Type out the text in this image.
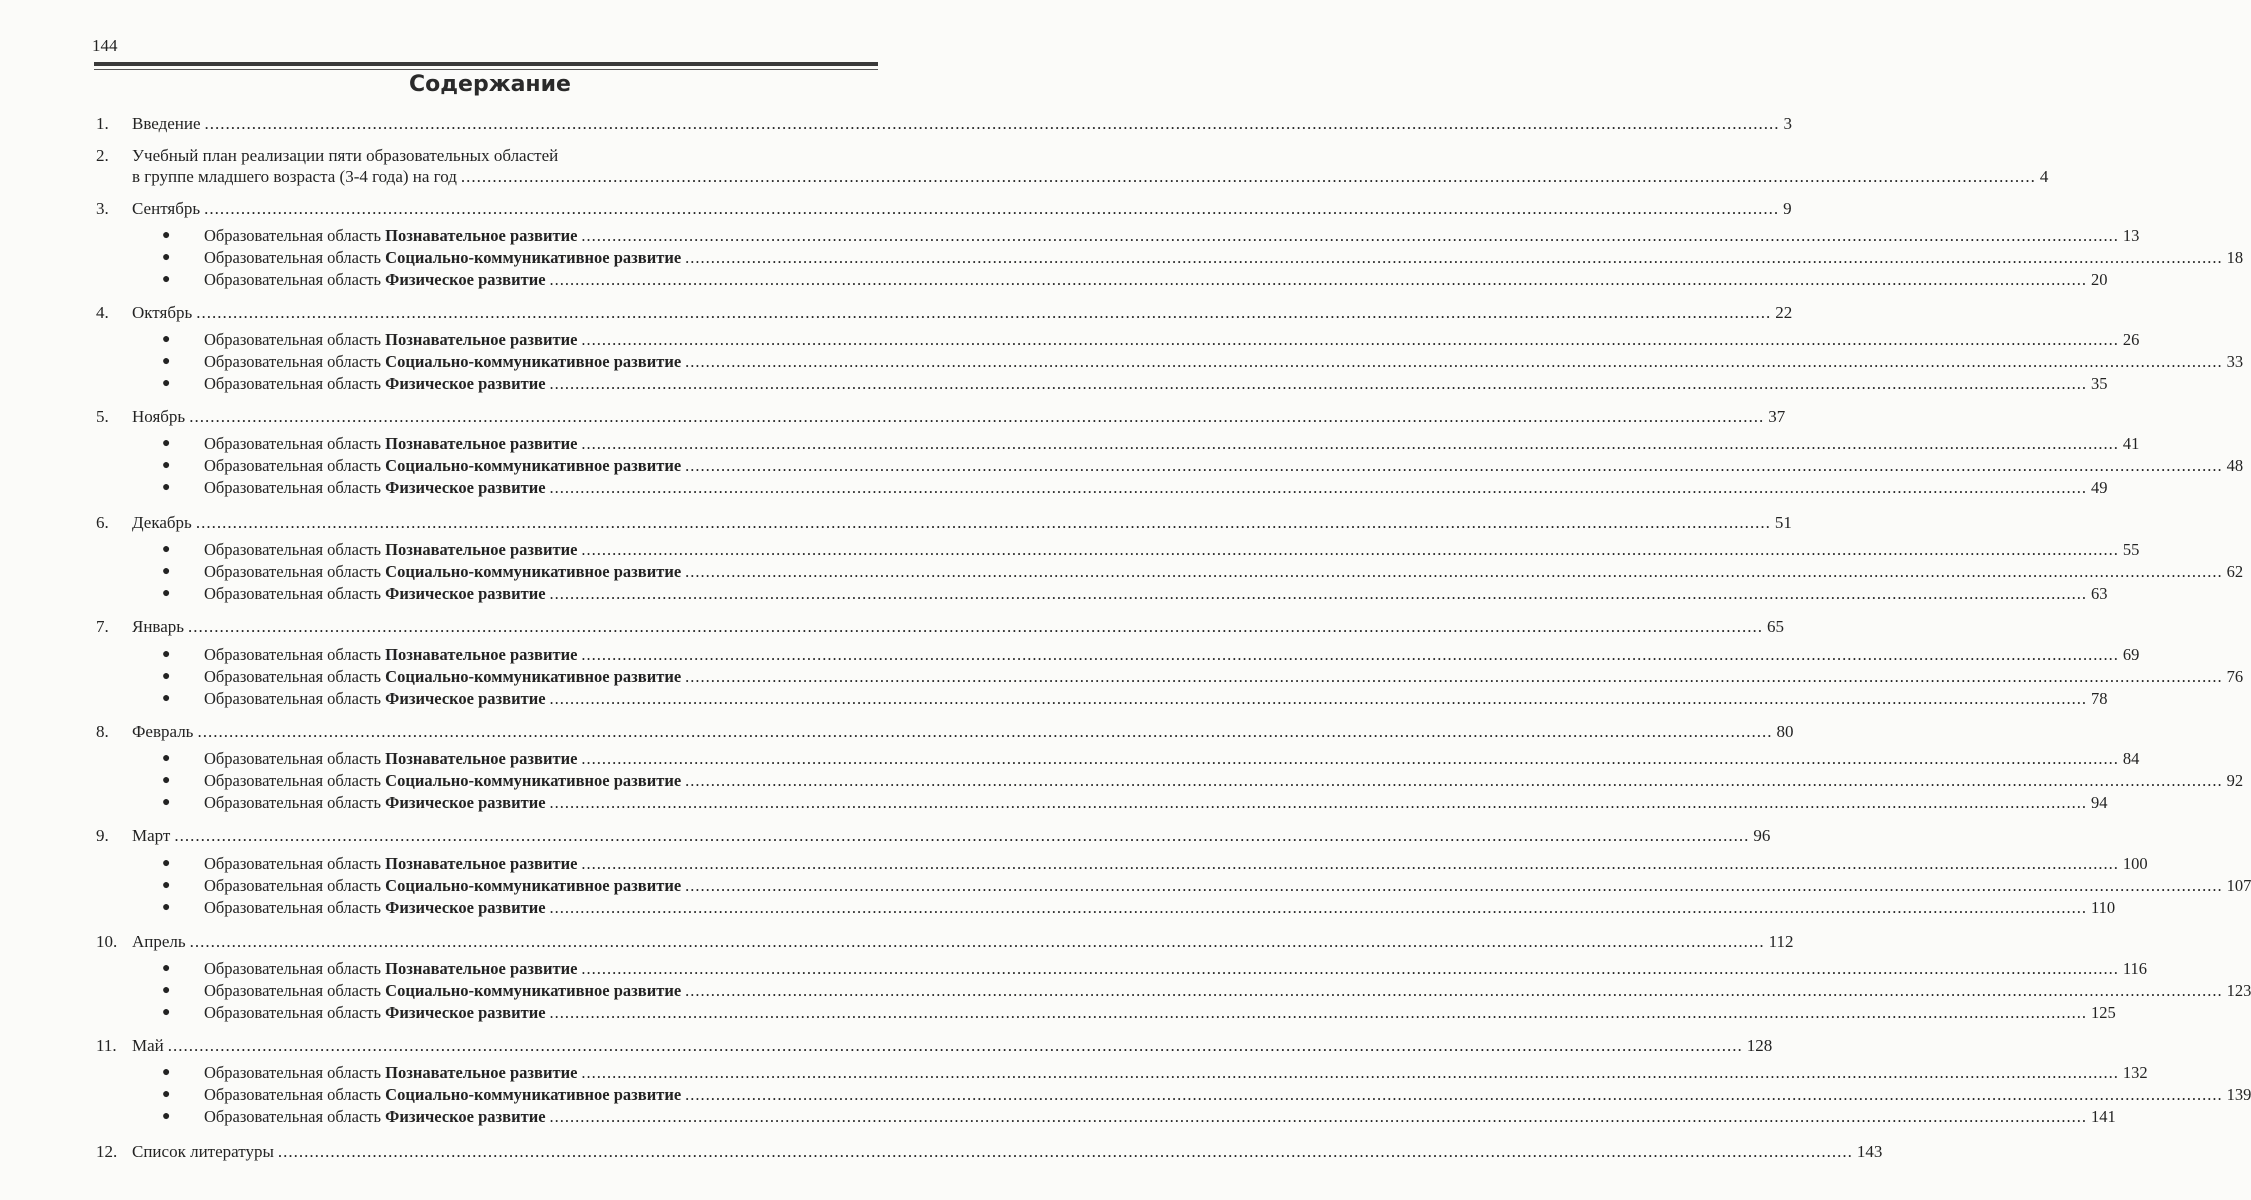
144
Содержание
1. Введение ............................................................................................................................................................................................................................................................................................................ 3
2. Учебный план реализации пяти образовательных областей
в группе младшего возраста (3-4 года) на год ............................................................................................................................................................................................................................................................................................................ 4
3. Сентябрь ............................................................................................................................................................................................................................................................................................................ 9
● Образовательная область Познавательное развитие ............................................................................................................................................................................................................................................................................................................ 13
● Образовательная область Социально-коммуникативное развитие ............................................................................................................................................................................................................................................................................................................ 18
● Образовательная область Физическое развитие ............................................................................................................................................................................................................................................................................................................ 20
4. Октябрь ............................................................................................................................................................................................................................................................................................................ 22
● Образовательная область Познавательное развитие ............................................................................................................................................................................................................................................................................................................ 26
● Образовательная область Социально-коммуникативное развитие ............................................................................................................................................................................................................................................................................................................ 33
● Образовательная область Физическое развитие ............................................................................................................................................................................................................................................................................................................ 35
5. Ноябрь ............................................................................................................................................................................................................................................................................................................ 37
● Образовательная область Познавательное развитие ............................................................................................................................................................................................................................................................................................................ 41
● Образовательная область Социально-коммуникативное развитие ............................................................................................................................................................................................................................................................................................................ 48
● Образовательная область Физическое развитие ............................................................................................................................................................................................................................................................................................................ 49
6. Декабрь ............................................................................................................................................................................................................................................................................................................ 51
● Образовательная область Познавательное развитие ............................................................................................................................................................................................................................................................................................................ 55
● Образовательная область Социально-коммуникативное развитие ............................................................................................................................................................................................................................................................................................................ 62
● Образовательная область Физическое развитие ............................................................................................................................................................................................................................................................................................................ 63
7. Январь ............................................................................................................................................................................................................................................................................................................ 65
● Образовательная область Познавательное развитие ............................................................................................................................................................................................................................................................................................................ 69
● Образовательная область Социально-коммуникативное развитие ............................................................................................................................................................................................................................................................................................................ 76
● Образовательная область Физическое развитие ............................................................................................................................................................................................................................................................................................................ 78
8. Февраль ............................................................................................................................................................................................................................................................................................................ 80
● Образовательная область Познавательное развитие ............................................................................................................................................................................................................................................................................................................ 84
● Образовательная область Социально-коммуникативное развитие ............................................................................................................................................................................................................................................................................................................ 92
● Образовательная область Физическое развитие ............................................................................................................................................................................................................................................................................................................ 94
9. Март ............................................................................................................................................................................................................................................................................................................ 96
● Образовательная область Познавательное развитие ............................................................................................................................................................................................................................................................................................................ 100
● Образовательная область Социально-коммуникативное развитие ............................................................................................................................................................................................................................................................................................................ 107
● Образовательная область Физическое развитие ............................................................................................................................................................................................................................................................................................................ 110
10. Апрель ............................................................................................................................................................................................................................................................................................................ 112
● Образовательная область Познавательное развитие ............................................................................................................................................................................................................................................................................................................ 116
● Образовательная область Социально-коммуникативное развитие ............................................................................................................................................................................................................................................................................................................ 123
● Образовательная область Физическое развитие ............................................................................................................................................................................................................................................................................................................ 125
11. Май ............................................................................................................................................................................................................................................................................................................ 128
● Образовательная область Познавательное развитие ............................................................................................................................................................................................................................................................................................................ 132
● Образовательная область Социально-коммуникативное развитие ............................................................................................................................................................................................................................................................................................................ 139
● Образовательная область Физическое развитие ............................................................................................................................................................................................................................................................................................................ 141
12. Список литературы ............................................................................................................................................................................................................................................................................................................ 143
